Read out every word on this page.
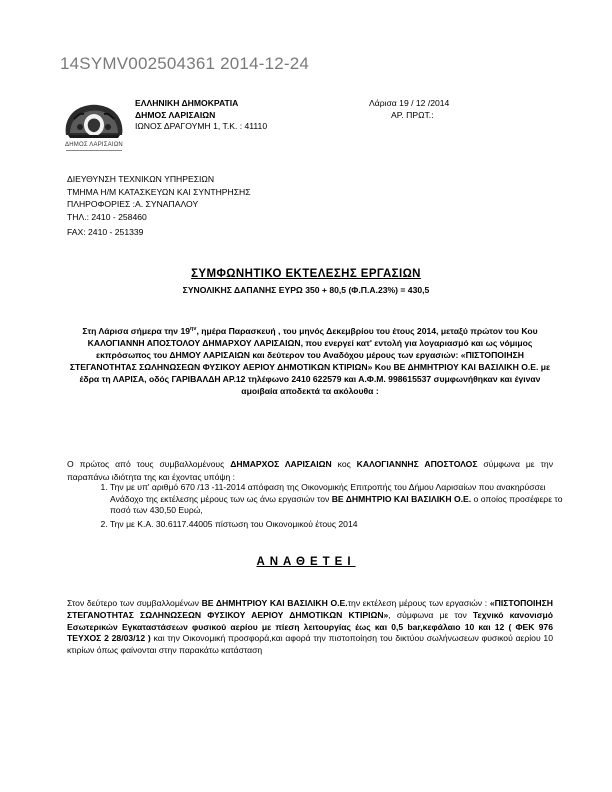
14SYMV002504361 2014-12-24
ΔΗΜΟΣ ΛΑΡΙΣΑΙΩΝ
ΕΛΛΗΝΙΚΗ ΔΗΜΟΚΡΑΤΙΑ
ΔΗΜΟΣ ΛΑΡΙΣΑΙΩΝ
ΙΩΝΟΣ ΔΡΑΓΟΥΜΗ 1, Τ.Κ. : 41110
Λάρισα 19 / 12 /2014
ΑΡ. ΠΡΩΤ.:
ΔΙΕΥΘΥΝΣΗ ΤΕΧΝΙΚΩΝ ΥΠΗΡΕΣΙΩΝ
ΤΜΗΜΑ Η/Μ ΚΑΤΑΣΚΕΥΩΝ ΚΑΙ ΣΥΝΤΗΡΗΣΗΣ
ΠΛΗΡΟΦΟΡΙΕΣ :Α. ΣΥΝΑΠΑΛΟΥ
ΤΗΛ.: 2410 - 258460
FAX: 2410 - 251339
ΣΥΜΦΩΝΗΤΙΚΟ ΕΚΤΕΛΕΣΗΣ ΕΡΓΑΣΙΩΝ
ΣΥΝΟΛΙΚΗΣ ΔΑΠΑΝΗΣ ΕΥΡΩ 350 + 80,5 (Φ.Π.Α.23%) = 430,5
Στη Λάρισα σήμερα την $19^{\eta\nu}$, ημέρα Παρασκευή , του μηνός Δεκεμβρίου του έτους 2014, μεταξύ πρώτον του Κου ΚΑΛΟΓΙΑΝΝΗ ΑΠΟΣΤΟΛΟΥ ΔΗΜΑΡΧΟΥ ΛΑΡΙΣΑΙΩΝ, που ενεργεί κατ' εντολή για λογαριασμό και ως νόμιμος εκπρόσωπος του ΔΗΜΟΥ ΛΑΡΙΣΑΙΩΝ και δεύτερον του Αναδόχου μέρους των εργασιών: «ΠΙΣΤΟΠΟΙΗΣΗ ΣΤΕΓΑΝΟΤΗΤΑΣ ΣΩΛΗΝΩΣΕΩΝ ΦΥΣΙΚΟΥ ΑΕΡΙΟΥ ΔΗΜΟΤΙΚΩΝ ΚΤΙΡΙΩΝ» Κου ΒΕ ΔΗΜΗΤΡΙΟΥ ΚΑΙ ΒΑΣΙΛΙΚΗ Ο.Ε. με έδρα τη ΛΑΡΙΣΑ, οδός ΓΑΡΙΒΑΛΔΗ ΑΡ.12 τηλέφωνο 2410 622579 και Α.Φ.Μ. 998615537 συμφωνήθηκαν και έγιναν αμοιβαία αποδεκτά τα ακόλουθα :
Ο πρώτος από τους συμβαλλομένους ΔΗΜΑΡΧΟΣ ΛΑΡΙΣΑΙΩΝ κος ΚΑΛΟΓΙΑΝΝΗΣ ΑΠΟΣΤΟΛΟΣ σύμφωνα με την παραπάνω ιδιότητα της και έχοντας υπόψη :
1. Την με υπ' αριθμό 670 /13 -11-2014 απόφαση της Οικονομικής Επιτροπής του Δήμου Λαρισαίων που ανακηρύσσει Ανάδοχο της εκτέλεσης μέρους των ως άνω εργασιών τον ΒΕ ΔΗΜΗΤΡΙΟ ΚΑΙ ΒΑΣΙΛΙΚΗ Ο.Ε. ο οποίος προσέφερε το ποσό των 430,50 Ευρώ,
2. Την με Κ.Α. 30.6117.44005 πίστωση του Οικονομικού έτους 2014
ΑΝΑΘΕΤΕΙ
Στον δεύτερο των συμβαλλομένων ΒΕ ΔΗΜΗΤΡΙΟΥ ΚΑΙ ΒΑΣΙΛΙΚΗ Ο.Ε.την εκτέλεση μέρους των εργασιών : «ΠΙΣΤΟΠΟΙΗΣΗ ΣΤΕΓΑΝΟΤΗΤΑΣ ΣΩΛΗΝΩΣΕΩΝ ΦΥΣΙΚΟΥ ΑΕΡΙΟΥ ΔΗΜΟΤΙΚΩΝ ΚΤΙΡΙΩΝ», σύμφωνα με τον Τεχνικό κανονισμό Εσωτερικών Εγκαταστάσεων φυσικού αερίου με πίεση λειτουργίας έως και 0,5 bar,κεφάλαιο 10 και 12 ( ΦΕΚ 976 ΤΕΥΧΟΣ 2 28/03/12 ) και την Οικονομική προσφορά,και αφορά την πιστοποίηση του δικτύου σωλήνωσεων φυσικού αερίου 10 κτιρίων όπως φαίνονται στην παρακάτω κατάσταση
